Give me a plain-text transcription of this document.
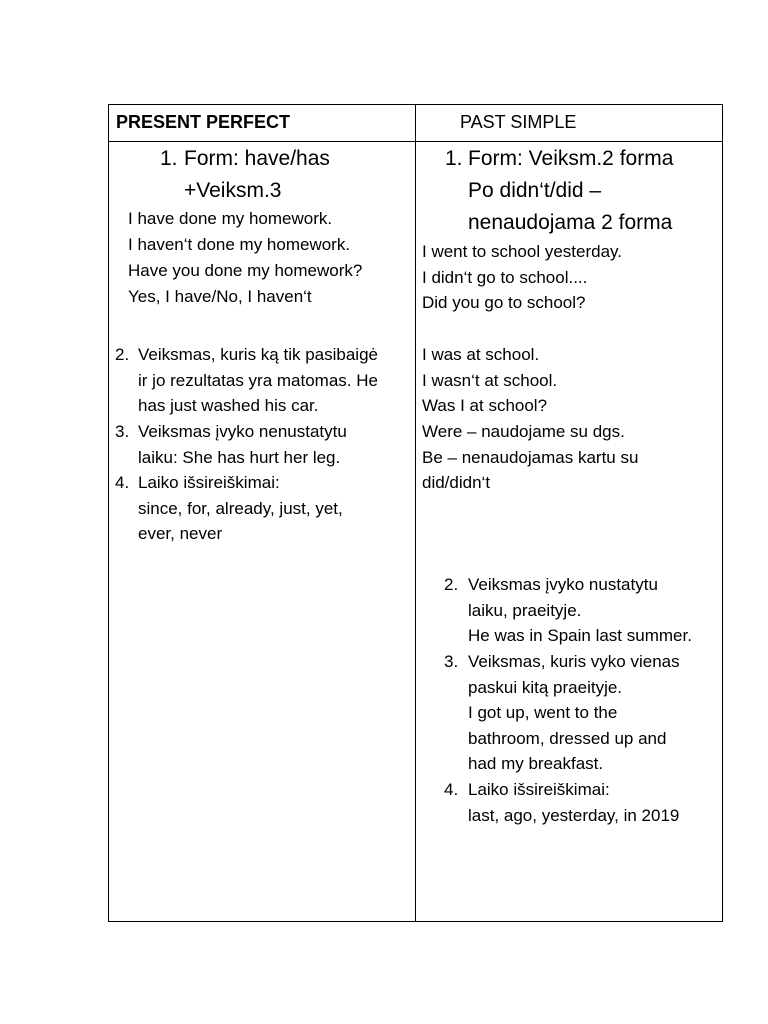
PRESENT PERFECT	PAST SIMPLE
1. Form: have/has
+Veiksm.3
I have done my homework.
I haven‘t done my homework.
Have you done my homework?
Yes, I have/No, I haven‘t
2. Veiksmas, kuris ką tik pasibaigė
ir jo rezultatas yra matomas. He
has just washed his car.
3. Veiksmas įvyko nenustatytu
laiku: She has hurt her leg.
4. Laiko išsireiškimai:
since, for, already, just, yet,
ever, never
1. Form: Veiksm.2 forma
Po didn‘t/did –
nenaudojama 2 forma
I went to school yesterday.
I didn‘t go to school....
Did you go to school?
I was at school.
I wasn‘t at school.
Was I at school?
Were – naudojame su dgs.
Be – nenaudojamas kartu su
did/didn‘t
2. Veiksmas įvyko nustatytu
laiku, praeityje.
He was in Spain last summer.
3. Veiksmas, kuris vyko vienas
paskui kitą praeityje.
I got up, went to the
bathroom, dressed up and
had my breakfast.
4. Laiko išsireiškimai:
last, ago, yesterday, in 2019
